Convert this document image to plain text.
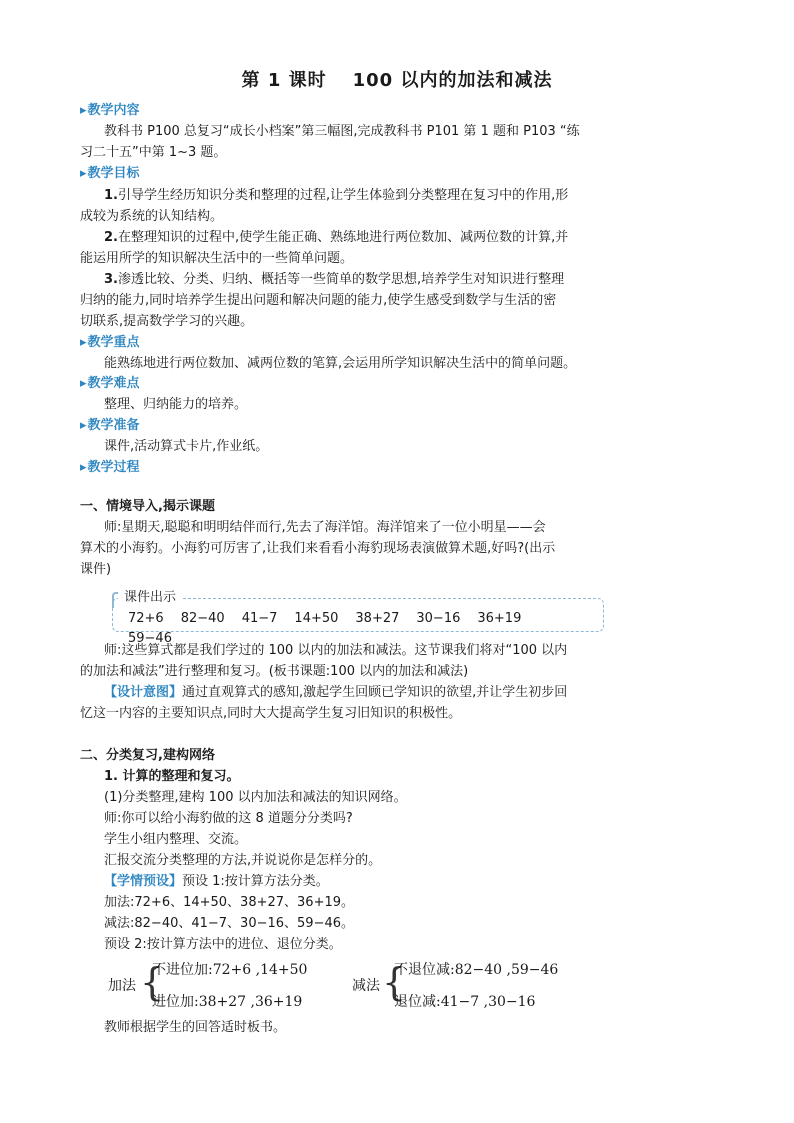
第 1 课时 100 以内的加法和减法
▸ 教学内容
教科书 P100 总复习“成长小档案”第三幅图,完成教科书 P101 第 1 题和 P103 “练
习二十五”中第 1~3 题。
▸ 教学目标
1.引导学生经历知识分类和整理的过程,让学生体验到分类整理在复习中的作用,形
成较为系统的认知结构。
2.在整理知识的过程中,使学生能正确、熟练地进行两位数加、减两位数的计算,并
能运用所学的知识解决生活中的一些简单问题。
3.渗透比较、分类、归纳、概括等一些简单的数学思想,培养学生对知识进行整理
归纳的能力,同时培养学生提出问题和解决问题的能力,使学生感受到数学与生活的密
切联系,提高数学学习的兴趣。
▸ 教学重点
能熟练地进行两位数加、减两位数的笔算,会运用所学知识解决生活中的简单问题。
▸ 教学难点
整理、归纳能力的培养。
▸ 教学准备
课件,活动算式卡片,作业纸。
▸ 教学过程
一、情境导入,揭示课题
师:星期天,聪聪和明明结伴而行,先去了海洋馆。海洋馆来了一位小明星——会
算术的小海豹。小海豹可厉害了,让我们来看看小海豹现场表演做算术题,好吗?(出示
课件)
课件出示
72+6 82−40 41−7 14+50 38+27 30−16 36+1959−46
师:这些算式都是我们学过的 100 以内的加法和减法。这节课我们将对“100 以内
的加法和减法”进行整理和复习。(板书课题:100 以内的加法和减法)
【设计意图】通过直观算式的感知,激起学生回顾已学知识的欲望,并让学生初步回
忆这一内容的主要知识点,同时大大提高学生复习旧知识的积极性。
二、分类复习,建构网络
1. 计算的整理和复习。
(1)分类整理,建构 100 以内加法和减法的知识网络。
师:你可以给小海豹做的这 8 道题分分类吗?
学生小组内整理、交流。
汇报交流分类整理的方法,并说说你是怎样分的。
【学情预设】预设 1:按计算方法分类。
加法:72+6、14+50、38+27、36+19。
减法:82−40、41−7、30−16、59−46。
预设 2:按计算方法中的进位、退位分类。
加法 {
不进位加:72+6 ,14+50
进位加:38+27 ,36+19
减法 {
不退位减:82−40 ,59−46
退位减:41−7 ,30−16
教师根据学生的回答适时板书。
